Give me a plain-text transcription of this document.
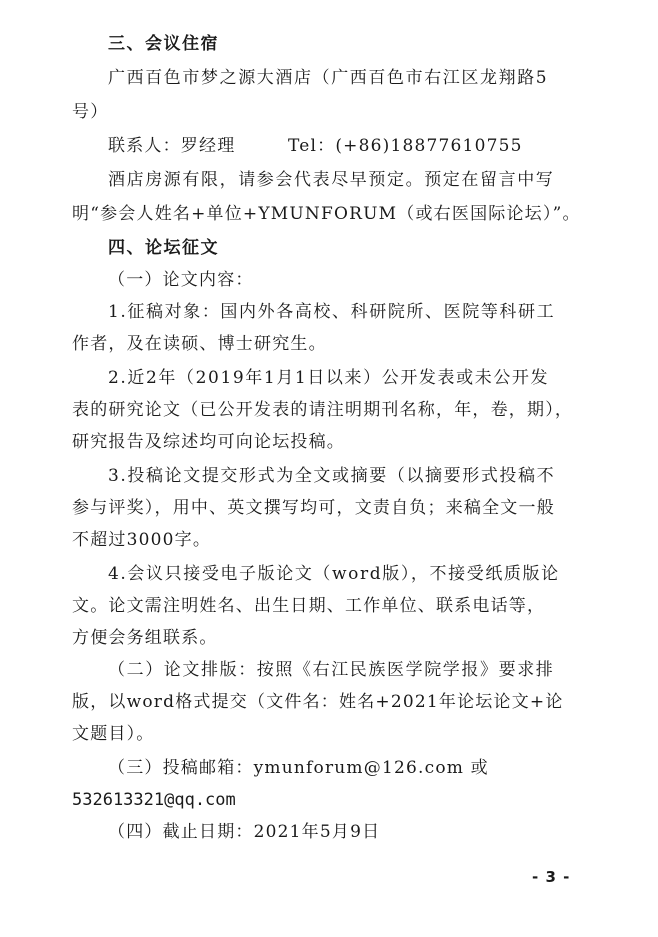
三、会议住宿
广西百色市梦之源大酒店（广西百色市右江区龙翔路5
号）
联系人：罗经理	Tel：(+86)18877610755
酒店房源有限，请参会代表尽早预定。预定在留言中写
明“参会人姓名+单位+YMUNFORUM（或右医国际论坛）”。
四、论坛征文
（一）论文内容：
1.征稿对象：国内外各高校、科研院所、医院等科研工
作者，及在读硕、博士研究生。
2.近2年（2019年1月1日以来）公开发表或未公开发
表的研究论文（已公开发表的请注明期刊名称，年，卷，期），
研究报告及综述均可向论坛投稿。
3.投稿论文提交形式为全文或摘要（以摘要形式投稿不
参与评奖），用中、英文撰写均可，文责自负；来稿全文一般
不超过3000字。
4.会议只接受电子版论文（word版），不接受纸质版论
文。论文需注明姓名、出生日期、工作单位、联系电话等，
方便会务组联系。
（二）论文排版：按照《右江民族医学院学报》要求排
版，以word格式提交（文件名：姓名+2021年论坛论文+论
文题目）。
（三）投稿邮箱：ymunforum@126.com 或
532613321@qq.com
（四）截止日期：2021年5月9日
- 3 -
